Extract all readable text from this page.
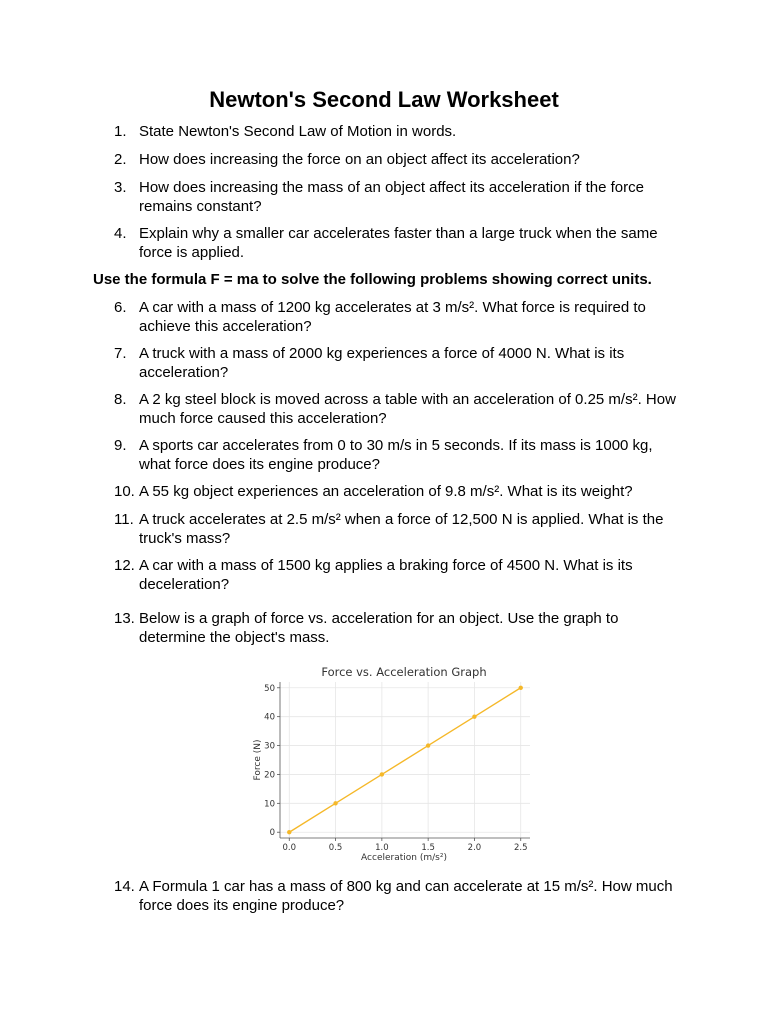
Newton's Second Law Worksheet
1. State Newton's Second Law of Motion in words.
2. How does increasing the force on an object affect its acceleration?
3. How does increasing the mass of an object affect its acceleration if the force remains constant?
4. Explain why a smaller car accelerates faster than a large truck when the same force is applied.
Use the formula F = ma to solve the following problems showing correct units.
6. A car with a mass of 1200 kg accelerates at 3 m/s². What force is required to achieve this acceleration?
7. A truck with a mass of 2000 kg experiences a force of 4000 N. What is its acceleration?
8. A 2 kg steel block is moved across a table with an acceleration of 0.25 m/s². How much force caused this acceleration?
9. A sports car accelerates from 0 to 30 m/s in 5 seconds. If its mass is 1000 kg, what force does its engine produce?
10. A 55 kg object experiences an acceleration of 9.8 m/s². What is its weight?
11. A truck accelerates at 2.5 m/s² when a force of 12,500 N is applied. What is the truck's mass?
12. A car with a mass of 1500 kg applies a braking force of 4500 N. What is its deceleration?
13. Below is a graph of force vs. acceleration for an object. Use the graph to determine the object's mass.
Force vs. Acceleration Graph
Acceleration (m/s²)
Force (N)
0.0	0.5	1.0	1.5	2.0	2.5
0
10
20
30
40
50
14. A Formula 1 car has a mass of 800 kg and can accelerate at 15 m/s². How much force does its engine produce?
